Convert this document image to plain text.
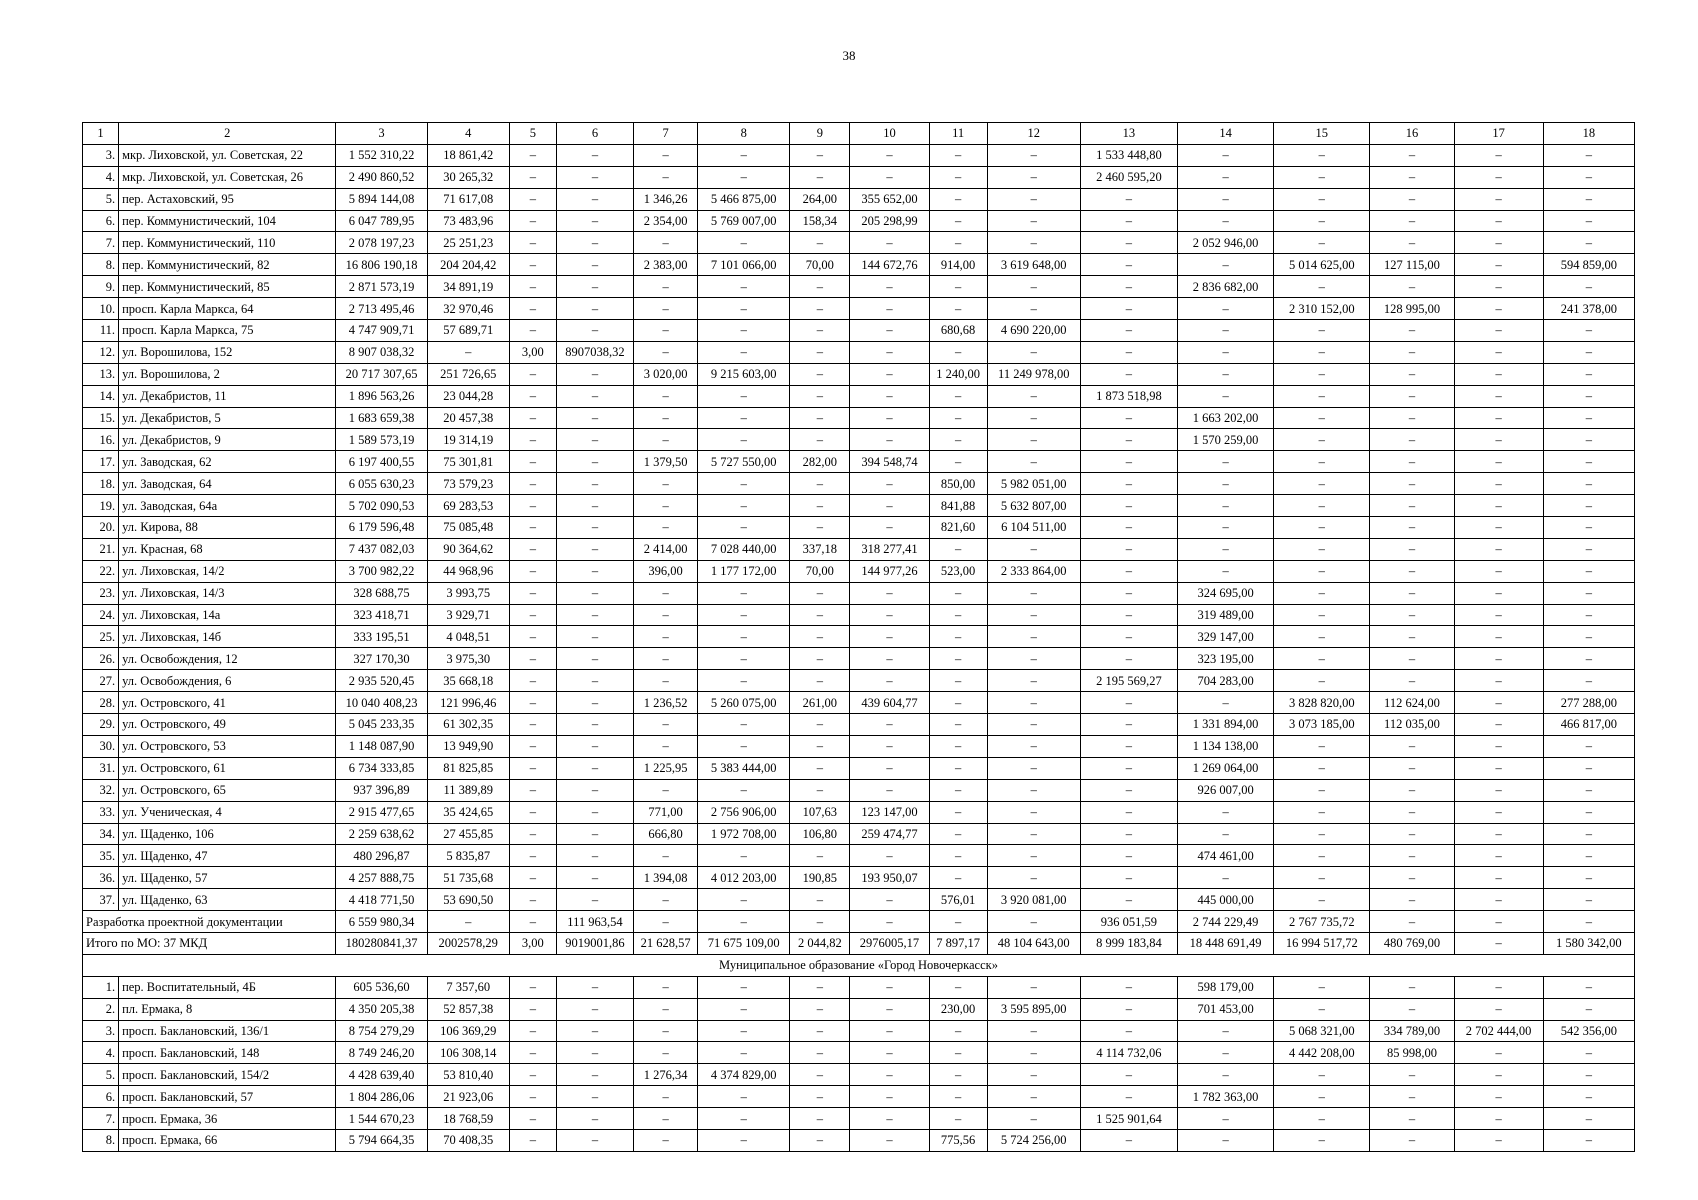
38
1	2	3	4	5	6	7	8	9	10	11	12	13	14	15	16	17	18
3.	мкр. Лиховской, ул. Советская, 22	1 552 310,22	18 861,42	–	–	–	–	–	–	–	–	1 533 448,80	–	–	–	–	–
4.	мкр. Лиховской, ул. Советская, 26	2 490 860,52	30 265,32	–	–	–	–	–	–	–	–	2 460 595,20	–	–	–	–	–
5.	пер. Астаховский, 95	5 894 144,08	71 617,08	–	–	1 346,26	5 466 875,00	264,00	355 652,00	–	–	–	–	–	–	–	–
6.	пер. Коммунистический, 104	6 047 789,95	73 483,96	–	–	2 354,00	5 769 007,00	158,34	205 298,99	–	–	–	–	–	–	–	–
7.	пер. Коммунистический, 110	2 078 197,23	25 251,23	–	–	–	–	–	–	–	–	–	2 052 946,00	–	–	–	–
8.	пер. Коммунистический, 82	16 806 190,18	204 204,42	–	–	2 383,00	7 101 066,00	70,00	144 672,76	914,00	3 619 648,00	–	–	5 014 625,00	127 115,00	–	594 859,00
9.	пер. Коммунистический, 85	2 871 573,19	34 891,19	–	–	–	–	–	–	–	–	–	2 836 682,00	–	–	–	–
10.	просп. Карла Маркса, 64	2 713 495,46	32 970,46	–	–	–	–	–	–	–	–	–	–	2 310 152,00	128 995,00	–	241 378,00
11.	просп. Карла Маркса, 75	4 747 909,71	57 689,71	–	–	–	–	–	–	680,68	4 690 220,00	–	–	–	–	–	–
12.	ул. Ворошилова, 152	8 907 038,32	–	3,00	8907038,32	–	–	–	–	–	–	–	–	–	–	–	–
13.	ул. Ворошилова, 2	20 717 307,65	251 726,65	–	–	3 020,00	9 215 603,00	–	–	1 240,00	11 249 978,00	–	–	–	–	–	–
14.	ул. Декабристов, 11	1 896 563,26	23 044,28	–	–	–	–	–	–	–	–	1 873 518,98	–	–	–	–	–
15.	ул. Декабристов, 5	1 683 659,38	20 457,38	–	–	–	–	–	–	–	–	–	1 663 202,00	–	–	–	–
16.	ул. Декабристов, 9	1 589 573,19	19 314,19	–	–	–	–	–	–	–	–	–	1 570 259,00	–	–	–	–
17.	ул. Заводская, 62	6 197 400,55	75 301,81	–	–	1 379,50	5 727 550,00	282,00	394 548,74	–	–	–	–	–	–	–	–
18.	ул. Заводская, 64	6 055 630,23	73 579,23	–	–	–	–	–	–	850,00	5 982 051,00	–	–	–	–	–	–
19.	ул. Заводская, 64а	5 702 090,53	69 283,53	–	–	–	–	–	–	841,88	5 632 807,00	–	–	–	–	–	–
20.	ул. Кирова, 88	6 179 596,48	75 085,48	–	–	–	–	–	–	821,60	6 104 511,00	–	–	–	–	–	–
21.	ул. Красная, 68	7 437 082,03	90 364,62	–	–	2 414,00	7 028 440,00	337,18	318 277,41	–	–	–	–	–	–	–	–
22.	ул. Лиховская, 14/2	3 700 982,22	44 968,96	–	–	396,00	1 177 172,00	70,00	144 977,26	523,00	2 333 864,00	–	–	–	–	–	–
23.	ул. Лиховская, 14/3	328 688,75	3 993,75	–	–	–	–	–	–	–	–	–	324 695,00	–	–	–	–
24.	ул. Лиховская, 14а	323 418,71	3 929,71	–	–	–	–	–	–	–	–	–	319 489,00	–	–	–	–
25.	ул. Лиховская, 14б	333 195,51	4 048,51	–	–	–	–	–	–	–	–	–	329 147,00	–	–	–	–
26.	ул. Освобождения, 12	327 170,30	3 975,30	–	–	–	–	–	–	–	–	–	323 195,00	–	–	–	–
27.	ул. Освобождения, 6	2 935 520,45	35 668,18	–	–	–	–	–	–	–	–	2 195 569,27	704 283,00	–	–	–	–
28.	ул. Островского, 41	10 040 408,23	121 996,46	–	–	1 236,52	5 260 075,00	261,00	439 604,77	–	–	–	–	3 828 820,00	112 624,00	–	277 288,00
29.	ул. Островского, 49	5 045 233,35	61 302,35	–	–	–	–	–	–	–	–	–	1 331 894,00	3 073 185,00	112 035,00	–	466 817,00
30.	ул. Островского, 53	1 148 087,90	13 949,90	–	–	–	–	–	–	–	–	–	1 134 138,00	–	–	–	–
31.	ул. Островского, 61	6 734 333,85	81 825,85	–	–	1 225,95	5 383 444,00	–	–	–	–	–	1 269 064,00	–	–	–	–
32.	ул. Островского, 65	937 396,89	11 389,89	–	–	–	–	–	–	–	–	–	926 007,00	–	–	–	–
33.	ул. Ученическая, 4	2 915 477,65	35 424,65	–	–	771,00	2 756 906,00	107,63	123 147,00	–	–	–	–	–	–	–	–
34.	ул. Щаденко, 106	2 259 638,62	27 455,85	–	–	666,80	1 972 708,00	106,80	259 474,77	–	–	–	–	–	–	–	–
35.	ул. Щаденко, 47	480 296,87	5 835,87	–	–	–	–	–	–	–	–	–	474 461,00	–	–	–	–
36.	ул. Щаденко, 57	4 257 888,75	51 735,68	–	–	1 394,08	4 012 203,00	190,85	193 950,07	–	–	–	–	–	–	–	–
37.	ул. Щаденко, 63	4 418 771,50	53 690,50	–	–	–	–	–	–	576,01	3 920 081,00	–	445 000,00	–	–	–	–
Разработка проектной документации		6 559 980,34	–	–	111 963,54	–	–	–	–	–	–	936 051,59	2 744 229,49	2 767 735,72	–	–	–
Итого по МО: 37 МКД		180280841,37	2002578,29	3,00	9019001,86	21 628,57	71 675 109,00	2 044,82	2976005,17	7 897,17	48 104 643,00	8 999 183,84	18 448 691,49	16 994 517,72	480 769,00	–	1 580 342,00
Муниципальное образование «Город Новочеркасск»																	
1.	пер. Воспитательный, 4Б	605 536,60	7 357,60	–	–	–	–	–	–	–	–	–	598 179,00	–	–	–	–
2.	пл. Ермака, 8	4 350 205,38	52 857,38	–	–	–	–	–	–	230,00	3 595 895,00	–	701 453,00	–	–	–	–
3.	просп. Баклановский, 136/1	8 754 279,29	106 369,29	–	–	–	–	–	–	–	–	–	–	5 068 321,00	334 789,00	2 702 444,00	542 356,00
4.	просп. Баклановский, 148	8 749 246,20	106 308,14	–	–	–	–	–	–	–	–	4 114 732,06	–	4 442 208,00	85 998,00	–	–
5.	просп. Баклановский, 154/2	4 428 639,40	53 810,40	–	–	1 276,34	4 374 829,00	–	–	–	–	–	–	–	–	–	–
6.	просп. Баклановский, 57	1 804 286,06	21 923,06	–	–	–	–	–	–	–	–	–	1 782 363,00	–	–	–	–
7.	просп. Ермака, 36	1 544 670,23	18 768,59	–	–	–	–	–	–	–	–	1 525 901,64	–	–	–	–	–
8.	просп. Ермака, 66	5 794 664,35	70 408,35	–	–	–	–	–	–	775,56	5 724 256,00	–	–	–	–	–	–
